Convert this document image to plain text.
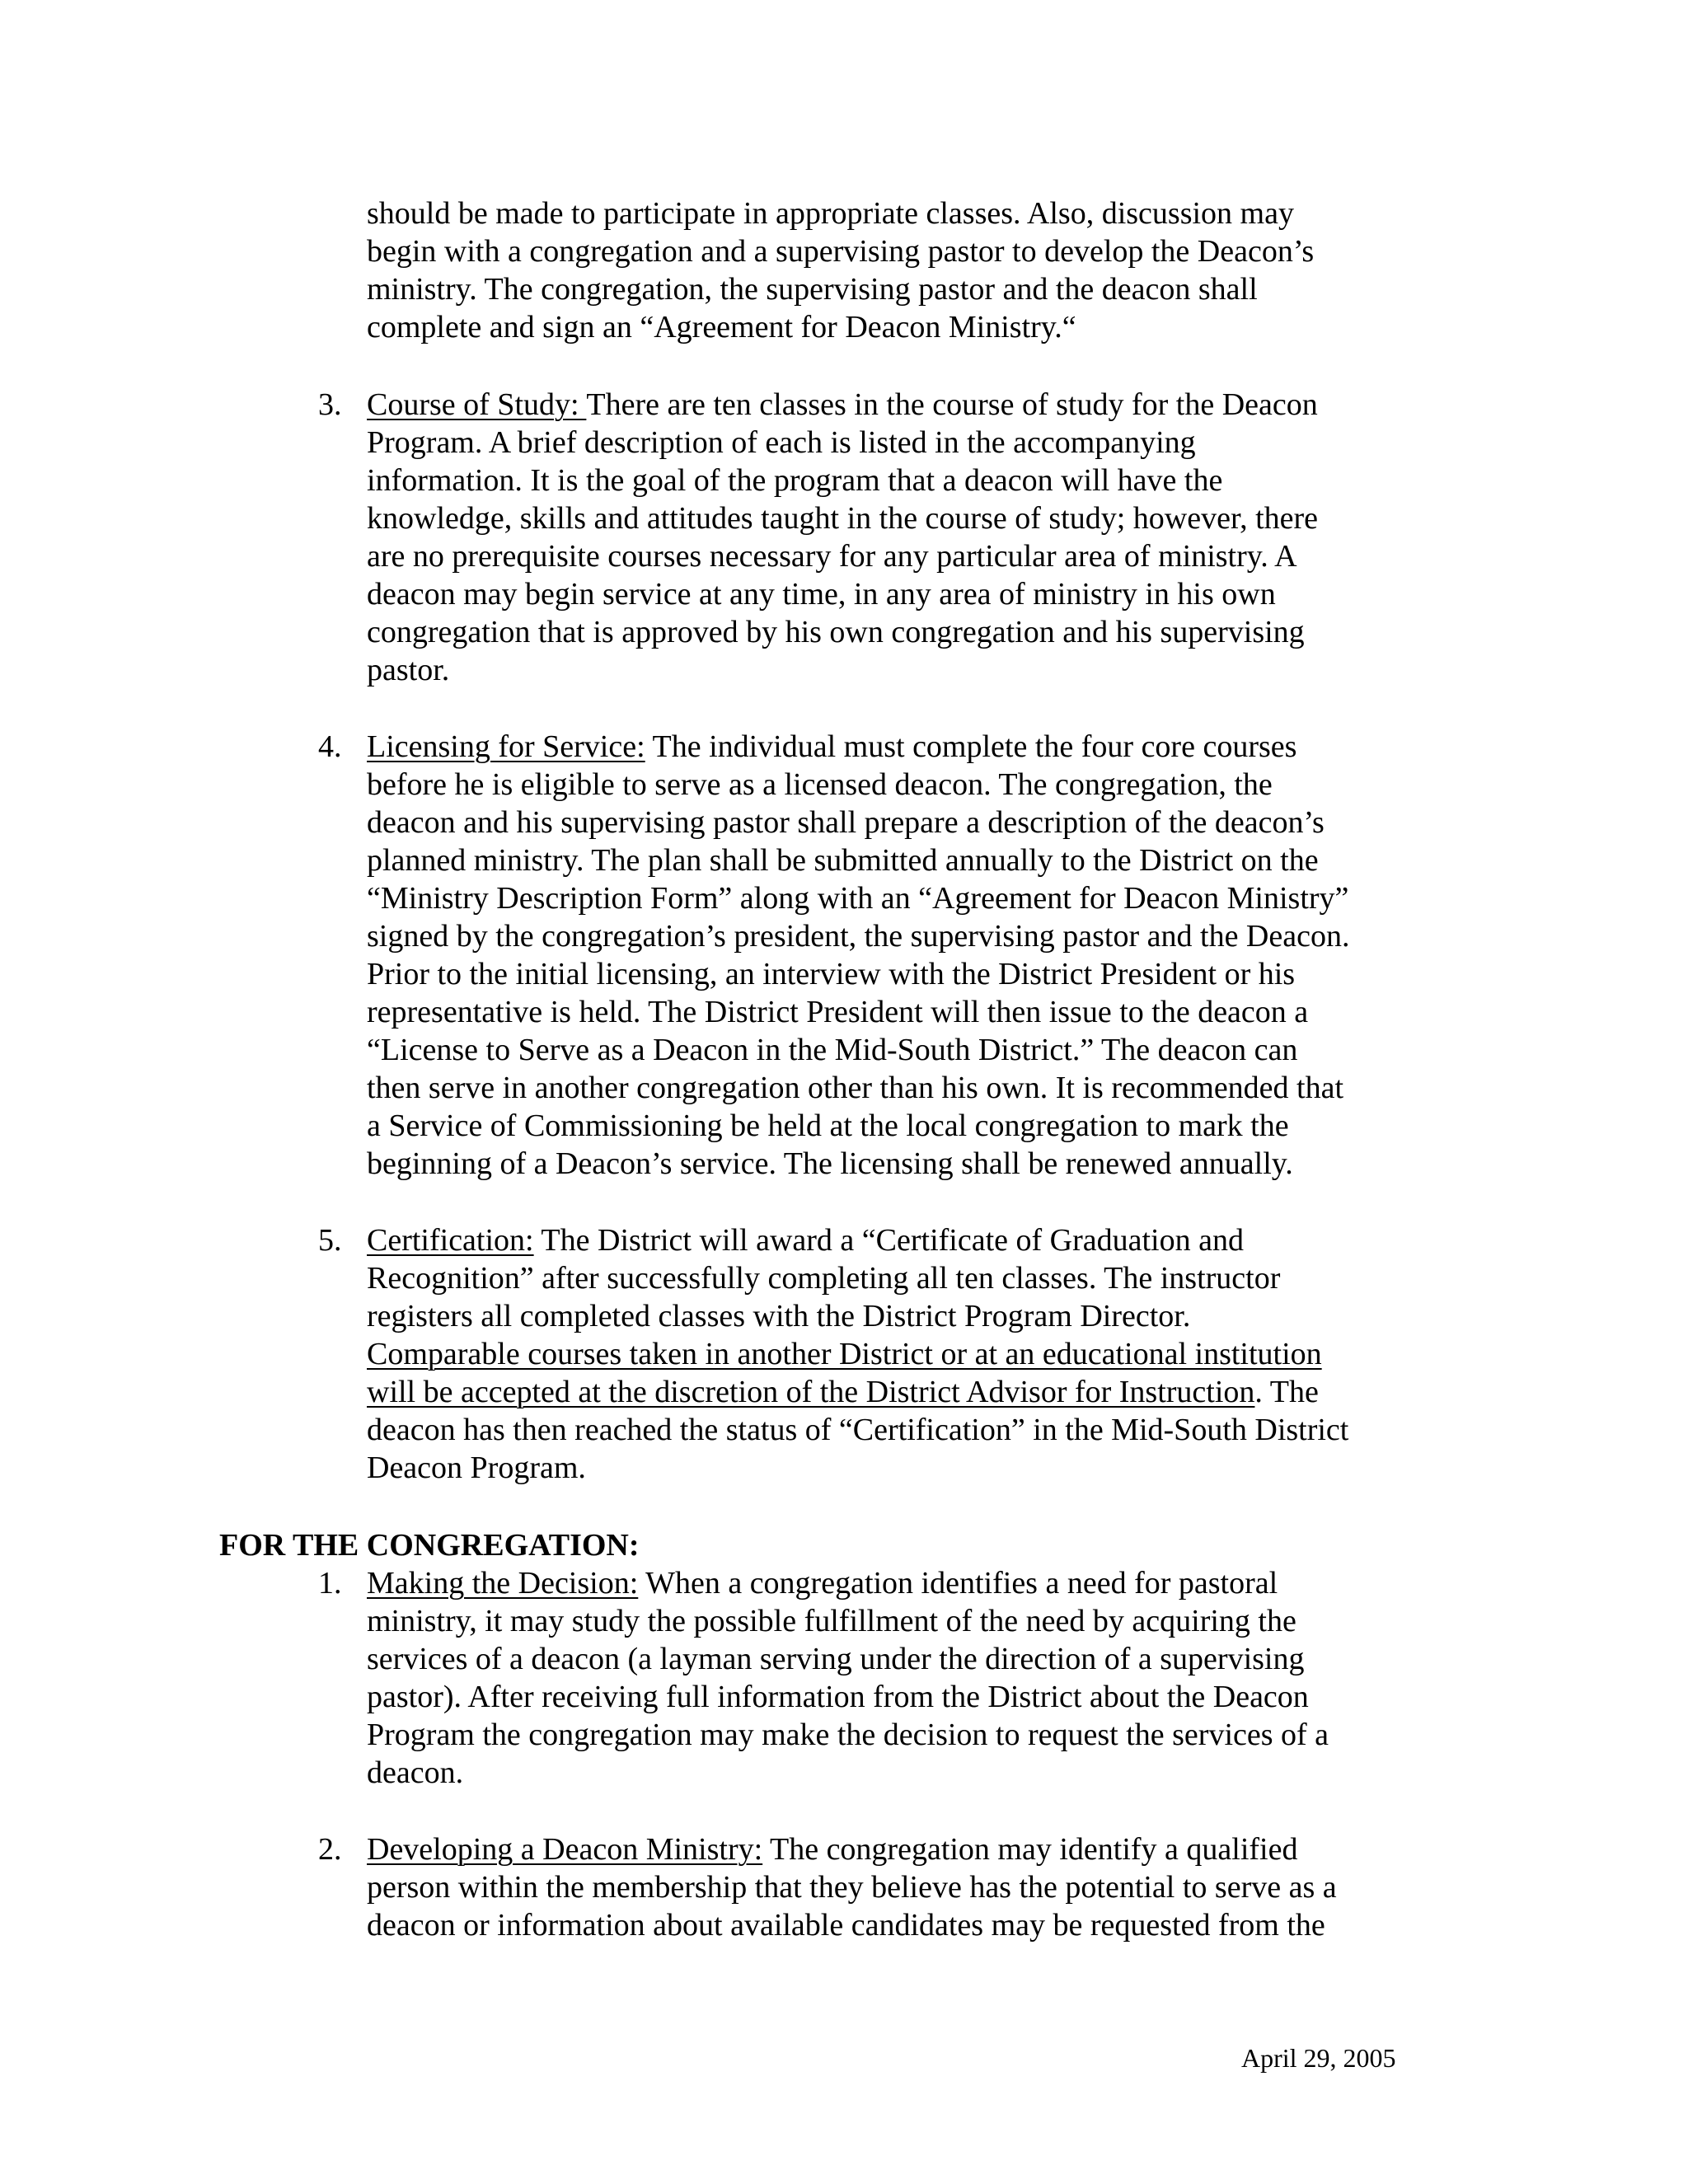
should be made to participate in appropriate classes. Also, discussion may
begin with a congregation and a supervising pastor to develop the Deacon’s
ministry. The congregation, the supervising pastor and the deacon shall
complete and sign an “Agreement for Deacon Ministry.“
3. Course of Study: There are ten classes in the course of study for the Deacon
Program. A brief description of each is listed in the accompanying
information. It is the goal of the program that a deacon will have the
knowledge, skills and attitudes taught in the course of study; however, there
are no prerequisite courses necessary for any particular area of ministry. A
deacon may begin service at any time, in any area of ministry in his own
congregation that is approved by his own congregation and his supervising
pastor.
4. Licensing for Service: The individual must complete the four core courses
before he is eligible to serve as a licensed deacon. The congregation, the
deacon and his supervising pastor shall prepare a description of the deacon’s
planned ministry. The plan shall be submitted annually to the District on the
“Ministry Description Form” along with an “Agreement for Deacon Ministry”
signed by the congregation’s president, the supervising pastor and the Deacon.
Prior to the initial licensing, an interview with the District President or his
representative is held. The District President will then issue to the deacon a
“License to Serve as a Deacon in the Mid-South District.” The deacon can
then serve in another congregation other than his own. It is recommended that
a Service of Commissioning be held at the local congregation to mark the
beginning of a Deacon’s service. The licensing shall be renewed annually.
5. Certification: The District will award a “Certificate of Graduation and
Recognition” after successfully completing all ten classes. The instructor
registers all completed classes with the District Program Director.
Comparable courses taken in another District or at an educational institution
will be accepted at the discretion of the District Advisor for Instruction. The
deacon has then reached the status of “Certification” in the Mid-South District
Deacon Program.
FOR THE CONGREGATION:
1. Making the Decision: When a congregation identifies a need for pastoral
ministry, it may study the possible fulfillment of the need by acquiring the
services of a deacon (a layman serving under the direction of a supervising
pastor). After receiving full information from the District about the Deacon
Program the congregation may make the decision to request the services of a
deacon.
2. Developing a Deacon Ministry: The congregation may identify a qualified
person within the membership that they believe has the potential to serve as a
deacon or information about available candidates may be requested from the
April 29, 2005
